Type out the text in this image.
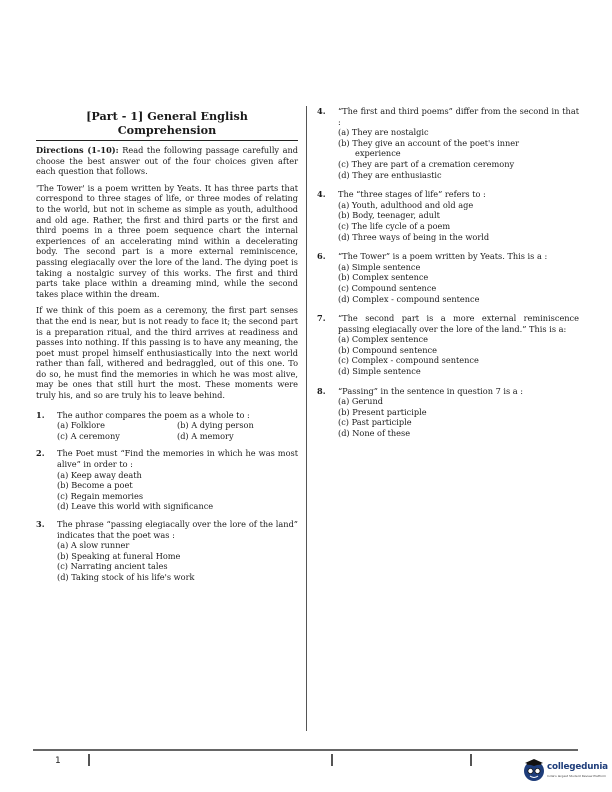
[Part - 1] General English Comprehension

Directions (1-10): Read the following passage carefully and choose the best answer out of the four choices given after each question that follows.

'The Tower' is a poem written by Yeats. It has three parts that correspond to three stages of life, or three modes of relating to the world, but not in scheme as simple as youth, adulthood and old age. Rather, the first and third parts or the first and third poems in a three poem sequence chart the internal experiences of an accelerating mind within a decelerating body. The second part is a more external reminiscence, passing elegiacally over the lore of the land. The dying poet is taking a nostalgic survey of this works. The first and third parts take place within a dreaming mind, while the second takes place within the dream.

If we think of this poem as a ceremony, the first part senses that the end is near, but is not ready to face it; the second part is a preparation ritual, and the third arrives at readiness and passes into nothing. If this passing is to have any meaning, the poet must propel himself enthusiastically into the next world rather than fall, withered and bedraggled, out of this one. To do so, he must find the memories in which he was most alive, may be ones that still hurt the most. These moments were truly his, and so are truly his to leave behind.

1.	The author compares the poem as a whole to :
(a) Folklore	(b) A dying person
(c) A ceremony	(d) A memory
2.	The Poet must “Find the memories in which he was most alive” in order to :
(a) Keep away death
(b) Become a poet
(c) Regain memories
(d) Leave this world with significance
3.	The phrase “passing elegiacally over the lore of the land” indicates that the poet was :
(a) A slow runner
(b) Speaking at funeral Home
(c) Narrating ancient tales
(d) Taking stock of his life's work
4.	“The first and third poems” differ from the second in that :
(a) They are nostalgic
(b) They give an account of the poet's inner
experience
(c) They are part of a cremation ceremony
(d) They are enthusiastic
4.	The “three stages of life” refers to :
(a) Youth, adulthood and old age
(b) Body, teenager, adult
(c) The life cycle of a poem
(d) Three ways of being in the world
6.	“The Tower” is a poem written by Yeats. This is a :
(a) Simple sentence
(b) Complex sentence
(c) Compound sentence
(d) Complex - compound sentence
7.	“The second part is a more external reminiscence passing elegiacally over the lore of the land.” This is a:
(a) Complex sentence
(b) Compound sentence
(c) Complex - compound sentence
(d) Simple sentence
8.	“Passing” in the sentence in question 7 is a :
(a) Gerund
(b) Present participle
(c) Past participle
(d) None of these
1
collegedunia
India's largest Student Review Platform
